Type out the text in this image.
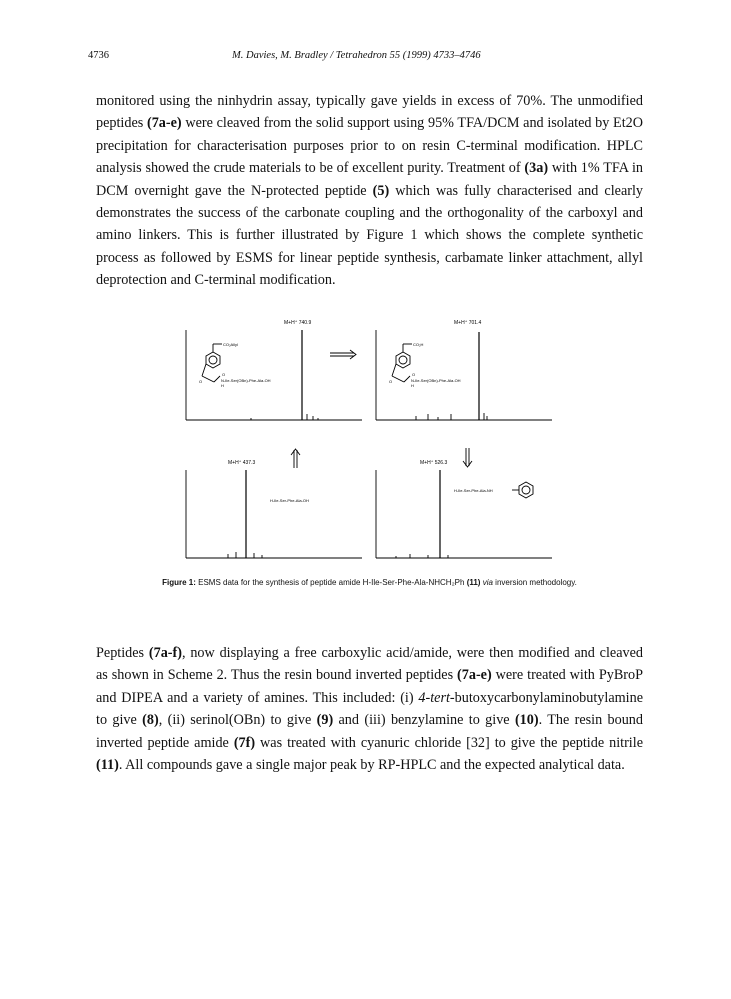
4736	M. Davies, M. Bradley / Tetrahedron 55 (1999) 4733–4746

monitored using the ninhydrin assay, typically gave yields in excess of 70%. The unmodified peptides (7a-e) were cleaved from the solid support using 95% TFA/DCM and isolated by Et2O precipitation for characterisation purposes prior to on resin C-terminal modification. HPLC analysis showed the crude materials to be of excellent purity. Treatment of (3a) with 1% TFA in DCM overnight gave the N-protected peptide (5) which was fully characterised and clearly demonstrates the success of the carbonate coupling and the orthogonality of the carboxyl and amino linkers. This is further illustrated by Figure 1 which shows the complete synthetic process as followed by ESMS for linear peptide synthesis, carbamate linker attachment, allyl deprotection and C-terminal modification.

M+H⁺ 740.9	M+H⁺ 701.4
M+H⁺ 437.3	M+H⁺ 526.3
CO₂Allyl	CO₂H
O	O
O	O
N-Ile-Ser(OBn)-Phe-Ala-OH	N-Ile-Ser(OBn)-Phe-Ala-OH
H	H
H-Ile-Ser-Phe-Ala-OH
H-Ile-Ser-Phe-Ala-NH
Figure 1: ESMS data for the synthesis of peptide amide H-Ile-Ser-Phe-Ala-NHCH₂Ph (11) via inversion methodology.

Peptides (7a-f), now displaying a free carboxylic acid/amide, were then modified and cleaved as shown in Scheme 2. Thus the resin bound inverted peptides (7a-e) were treated with PyBroP and DIPEA and a variety of amines. This included: (i) 4-tert-butoxycarbonylaminobutylamine to give (8), (ii) serinol(OBn) to give (9) and (iii) benzylamine to give (10). The resin bound inverted peptide amide (7f) was treated with cyanuric chloride [32] to give the peptide nitrile (11). All compounds gave a single major peak by RP-HPLC and the expected analytical data.
